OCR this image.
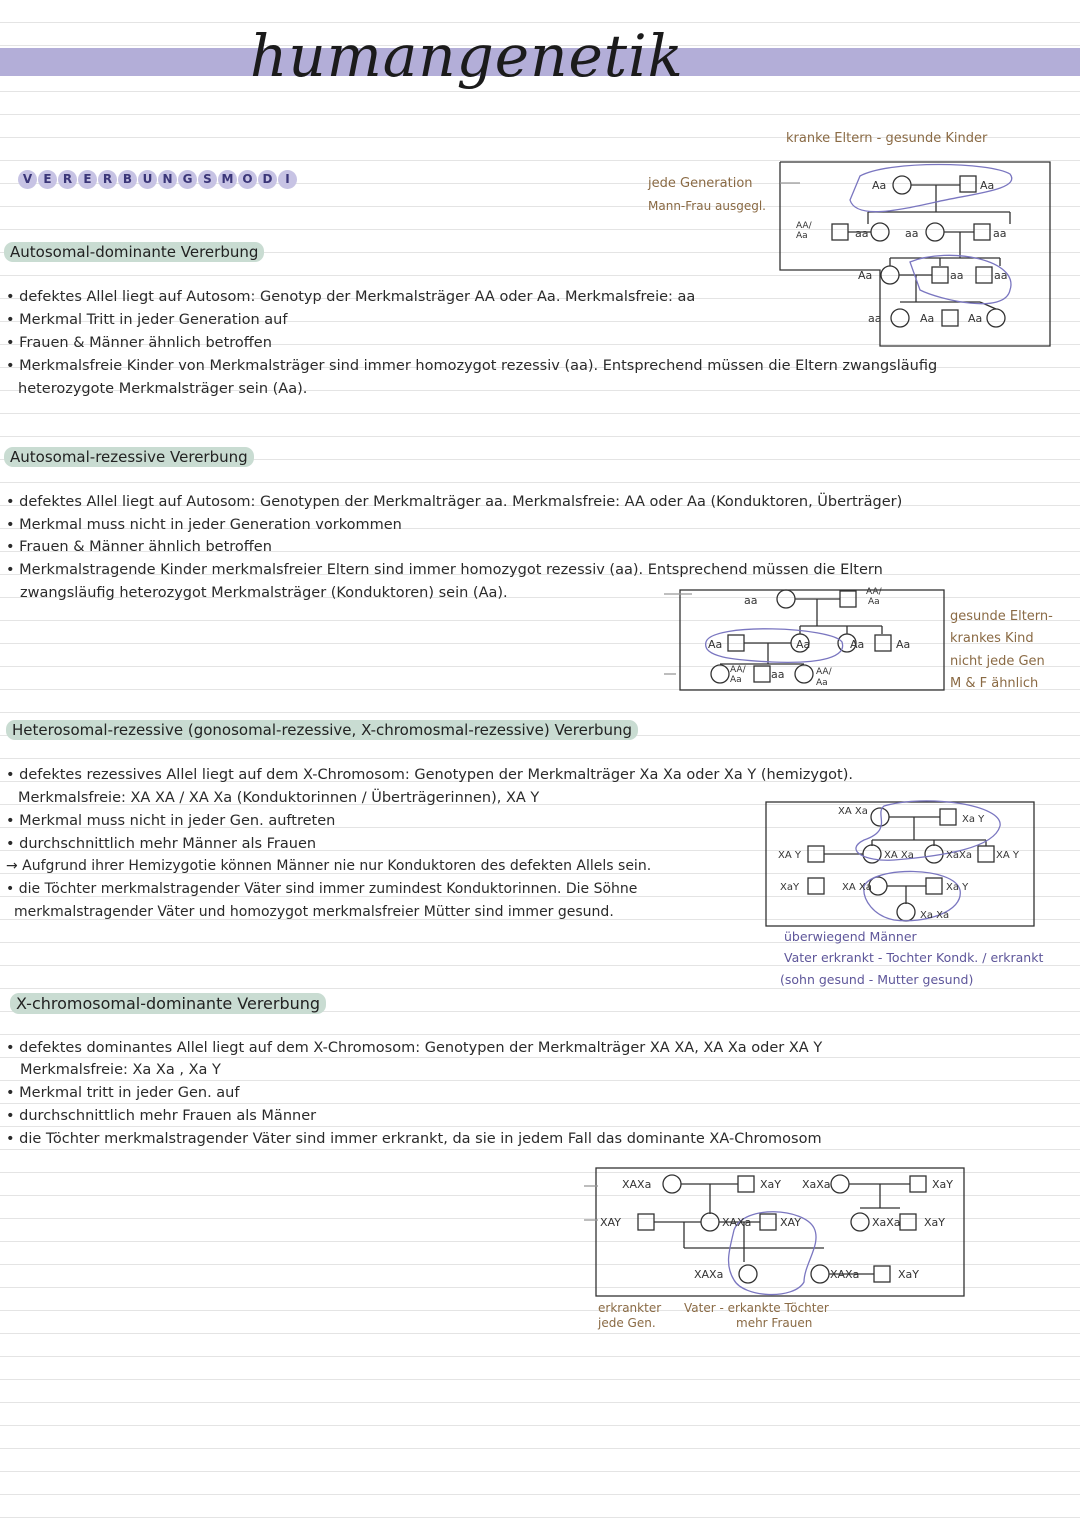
humangenetik
V E R E R B U N G S M O D	I
kranke Eltern - gesunde Kinder
jede Generation
Mann-Frau ausgegl.
Autosomal-dominante Vererbung
• defektes Allel liegt auf Autosom: Genotyp der Merkmalsträger AA oder Aa. Merkmalsfreie: aa
• Merkmal Tritt in jeder Generation auf
• Frauen & Männer ähnlich betroffen
• Merkmalsfreie Kinder von Merkmalsträger sind immer homozygot rezessiv (aa). Entsprechend müssen die Eltern zwangsläufig
heterozygote Merkmalsträger sein (Aa).
Aa	Aa
AA/
Aa	aa	aa	aa
Aa	aa	aa
aa	Aa	Aa
Autosomal-rezessive Vererbung
• defektes Allel liegt auf Autosom: Genotypen der Merkmalträger aa. Merkmalsfreie: AA oder Aa (Konduktoren, Überträger)
• Merkmal muss nicht in jeder Generation vorkommen
• Frauen & Männer ähnlich betroffen
• Merkmalstragende Kinder merkmalsfreier Eltern sind immer homozygot rezessiv (aa). Entsprechend müssen die Eltern
zwangsläufig heterozygot Merkmalsträger (Konduktoren) sein (Aa).	aa
AA/
Aa
Aa	Aa	Aa	Aa
AA/
Aa	aa	AA/
Aa
gesunde Eltern-
krankes Kind
nicht jede Gen
M & F ähnlich
Heterosomal-rezessive (gonosomal-rezessive, X-chromosmal-rezessive) Vererbung
• defektes rezessives Allel liegt auf dem X-Chromosom: Genotypen der Merkmalträger Xa Xa oder Xa Y (hemizygot).
Merkmalsfreie: XA XA / XA Xa (Konduktorinnen / Überträgerinnen), XA Y
• Merkmal muss nicht in jeder Gen. auftreten
• durchschnittlich mehr Männer als Frauen
→ Aufgrund ihrer Hemizygotie können Männer nie nur Konduktoren des defekten Allels sein.
• die Töchter merkmalstragender Väter sind immer zumindest Konduktorinnen. Die Söhne
merkmalstragender Väter und homozygot merkmalsfreier Mütter sind immer gesund.
XA Xa
Xa Y
XA Y	XA Xa	XaXa XA Y
XaY	XA Xa	Xa Y
Xa Xa
überwiegend Männer
Vater erkrankt - Tochter Kondk. / erkrankt
(sohn gesund - Mutter gesund)
X-chromosomal-dominante Vererbung
• defektes dominantes Allel liegt auf dem X-Chromosom: Genotypen der Merkmalträger XA XA, XA Xa oder XA Y
Merkmalsfreie: Xa Xa , Xa Y
• Merkmal tritt in jeder Gen. auf
• durchschnittlich mehr Frauen als Männer
• die Töchter merkmalstragender Väter sind immer erkrankt, da sie in jedem Fall das dominante XA-Chromosom
XAXa	XaY XaXa	XaY
XAY	XAXa	XAY	XaXa XaY
XAXa	XAXa	XaY
erkrankter
jede Gen.
Vater - erkankte Töchter
mehr Frauen
